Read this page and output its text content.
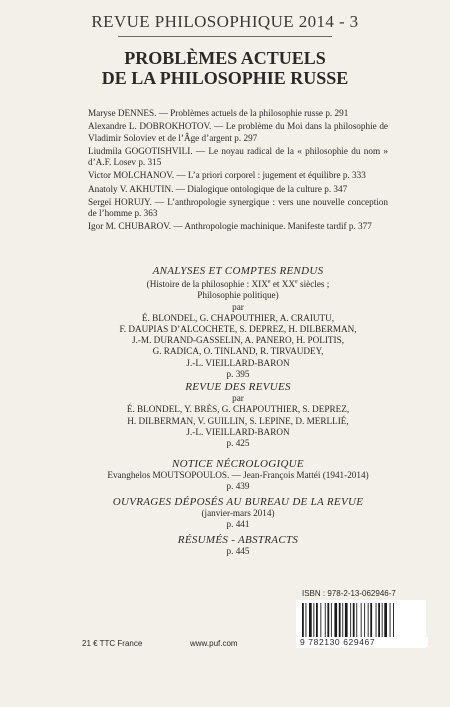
REVUE PHILOSOPHIQUE 2014 - 3
PROBLÈMES ACTUELS
DE LA PHILOSOPHIE RUSSE
Maryse DENNES. — Problèmes actuels de la philosophie russe p. 291
Alexandre L. DOBROKHOTOV. — Le problème du Moi dans la philosophie de Vladimir Soloviev et de l’Âge d’argent p. 297
Liudmila GOGOTISHVILI. — Le noyau radical de la « philosophie du nom » d’A.F. Losev p. 315
Victor MOLCHANOV. — L’a priori corporel : jugement et équilibre p. 333
Anatoly V. AKHUTIN. — Dialogique ontologique de la culture p. 347
Sergeï HORUJY. — L’anthropologie synergique : vers une nouvelle conception de l’homme p. 363
Igor M. CHUBAROV. — Anthropologie machinique. Manifeste tardif p. 377
ANALYSES ET COMPTES RENDUS
(Histoire de la philosophie : XIXe et XXe siècles ;
Philosophie politique)
par
É. BLONDEL, G. CHAPOUTHIER, A. CRAIUTU,
F. DAUPIAS D’ALCOCHETE, S. DEPREZ, H. DILBERMAN,
J.-M. DURAND-GASSELIN, A. PANERO, H. POLITIS,
G. RADICA, O. TINLAND, R. TIRVAUDEY,
J.-L. VIEILLARD-BARON
p. 395
REVUE DES REVUES
par
É. BLONDEL, Y. BRÈS, G. CHAPOUTHIER, S. DEPREZ,
H. DILBERMAN, V. GUILLIN, S. LEPINE, D. MERLLIÉ,
J.-L. VIEILLARD-BARON
p. 425
NOTICE NÉCROLOGIQUE
Evanghelos MOUTSOPOULOS. — Jean-François Mattéi (1941-2014)
p. 439
OUVRAGES DÉPOSÉS AU BUREAU DE LA REVUE
(janvier-mars 2014)
p. 441
RÉSUMÉS - ABSTRACTS
p. 445
ISBN : 978-2-13-062946-7
9 782130 629467
21 € TTC France	www.puf.com
